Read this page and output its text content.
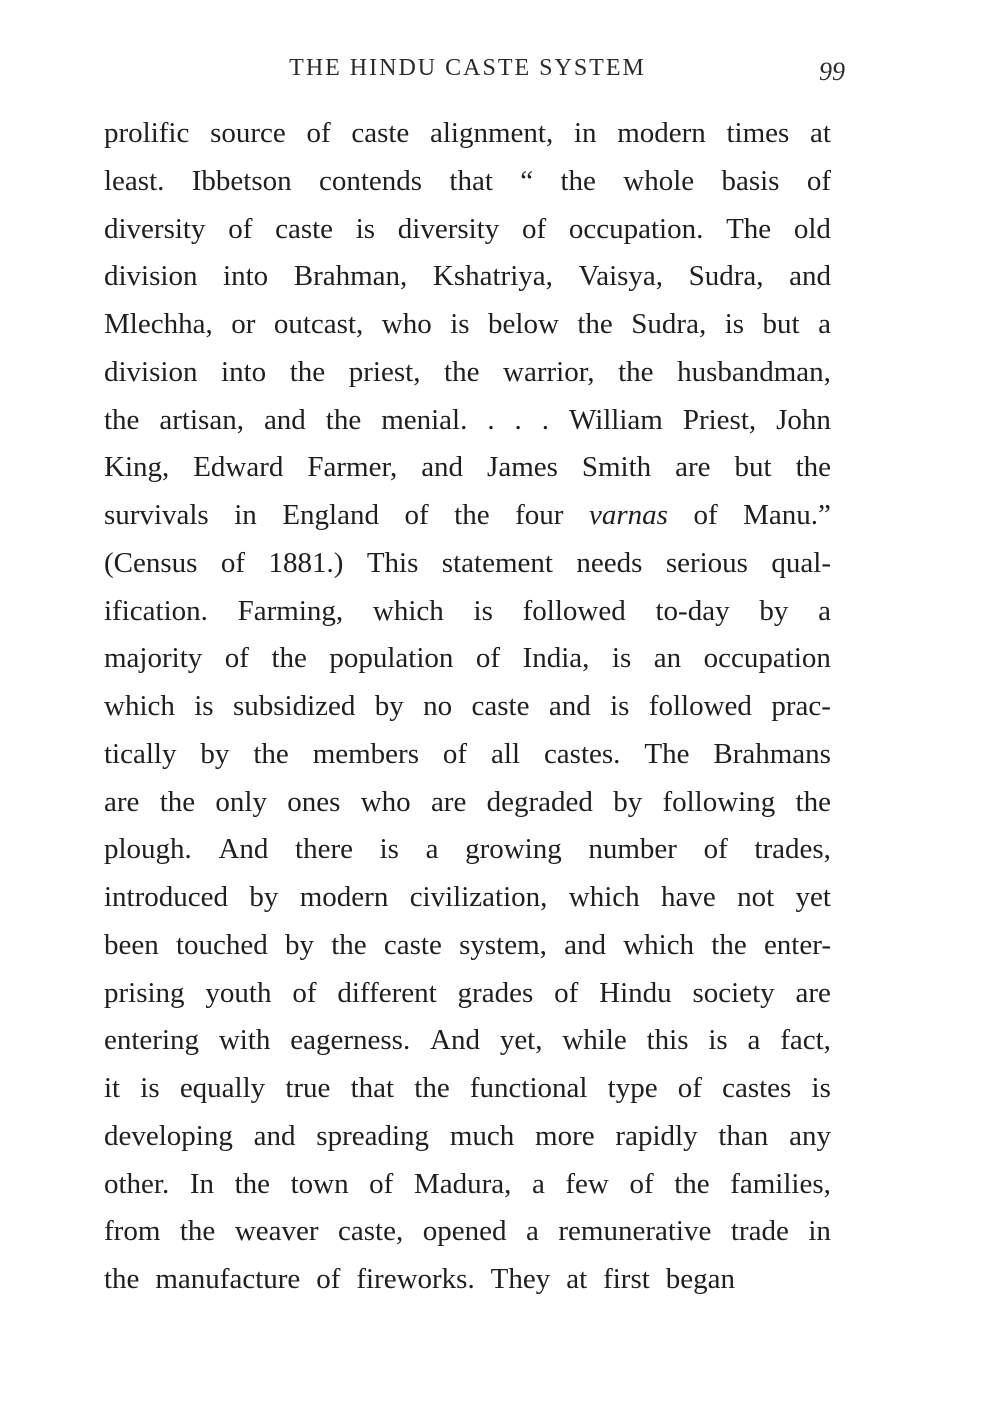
THE HINDU CASTE SYSTEM	99
prolific source of caste alignment, in modern times at
least. Ibbetson contends that “ the whole basis of
diversity of caste is diversity of occupation. The old
division into Brahman, Kshatriya, Vaisya, Sudra, and
Mlechha, or outcast, who is below the Sudra, is but a
division into the priest, the warrior, the husbandman,
the artisan, and the menial. . . . William Priest, John
King, Edward Farmer, and James Smith are but the
survivals in England of the four varnas of Manu.”
(Census of 1881.) This statement needs serious qual-
ification. Farming, which is followed to-day by a
majority of the population of India, is an occupation
which is subsidized by no caste and is followed prac-
tically by the members of all castes. The Brahmans
are the only ones who are degraded by following the
plough. And there is a growing number of trades,
introduced by modern civilization, which have not yet
been touched by the caste system, and which the enter-
prising youth of different grades of Hindu society are
entering with eagerness. And yet, while this is a fact,
it is equally true that the functional type of castes is
developing and spreading much more rapidly than any
other. In the town of Madura, a few of the families,
from the weaver caste, opened a remunerative trade in
the manufacture of fireworks. They at first began
